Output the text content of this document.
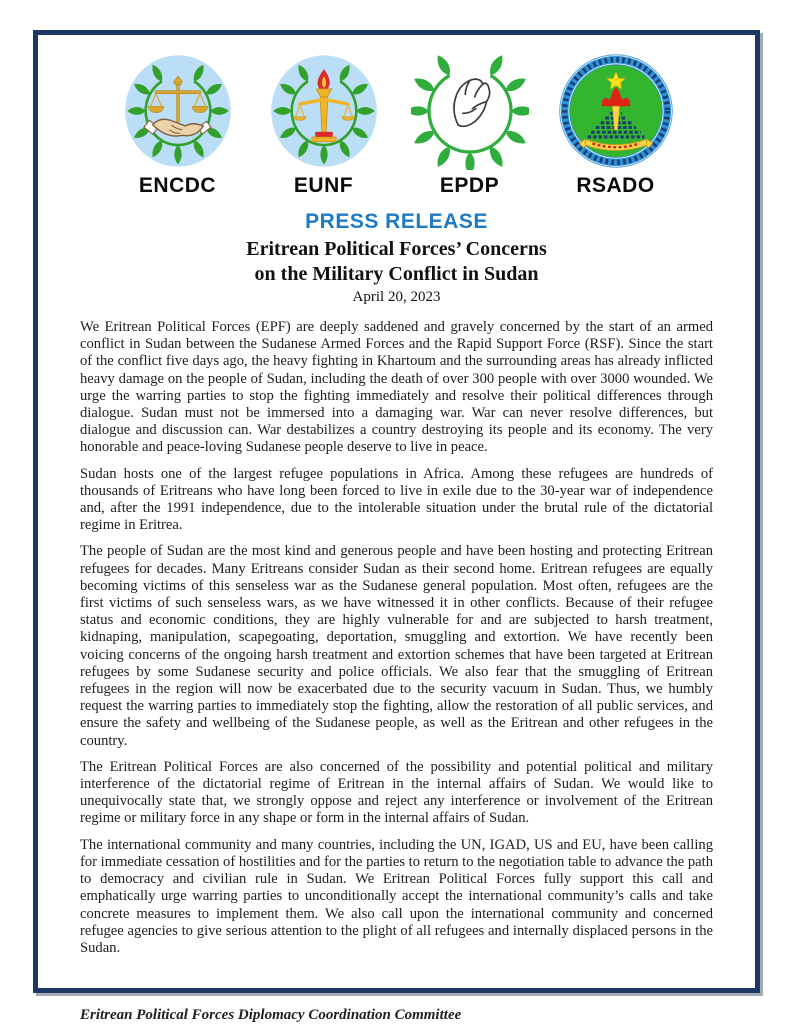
ENCDC	EUNF	EPDP	RSADO
PRESS RELEASE
Eritrean Political Forces’ Concerns
on the Military Conflict in Sudan
April 20, 2023

We Eritrean Political Forces (EPF) are deeply saddened and gravely concerned by the start of an armed conflict in Sudan between the Sudanese Armed Forces and the Rapid Support Force (RSF). Since the start of the conflict five days ago, the heavy fighting in Khartoum and the surrounding areas has already inflicted heavy damage on the people of Sudan, including the death of over 300 people with over 3000 wounded. We urge the warring parties to stop the fighting immediately and resolve their political differences through dialogue. Sudan must not be immersed into a damaging war. War can never resolve differences, but dialogue and discussion can. War destabilizes a country destroying its people and its economy. The very honorable and peace-loving Sudanese people deserve to live in peace.

Sudan hosts one of the largest refugee populations in Africa. Among these refugees are hundreds of thousands of Eritreans who have long been forced to live in exile due to the 30-year war of independence and, after the 1991 independence, due to the intolerable situation under the brutal rule of the dictatorial regime in Eritrea.

The people of Sudan are the most kind and generous people and have been hosting and protecting Eritrean refugees for decades. Many Eritreans consider Sudan as their second home. Eritrean refugees are equally becoming victims of this senseless war as the Sudanese general population. Most often, refugees are the first victims of such senseless wars, as we have witnessed it in other conflicts. Because of their refugee status and economic conditions, they are highly vulnerable for and are subjected to harsh treatment, kidnaping, manipulation, scapegoating, deportation, smuggling and extortion. We have recently been voicing concerns of the ongoing harsh treatment and extortion schemes that have been targeted at Eritrean refugees by some Sudanese security and police officials. We also fear that the smuggling of Eritrean refugees in the region will now be exacerbated due to the security vacuum in Sudan. Thus, we humbly request the warring parties to immediately stop the fighting, allow the restoration of all public services, and ensure the safety and wellbeing of the Sudanese people, as well as the Eritrean and other refugees in the country.

The Eritrean Political Forces are also concerned of the possibility and potential political and military interference of the dictatorial regime of Eritrean in the internal affairs of Sudan. We would like to unequivocally state that, we strongly oppose and reject any interference or involvement of the Eritrean regime or military force in any shape or form in the internal affairs of Sudan.

The international community and many countries, including the UN, IGAD, US and EU, have been calling for immediate cessation of hostilities and for the parties to return to the negotiation table to advance the path to democracy and civilian rule in Sudan. We Eritrean Political Forces fully support this call and emphatically urge warring parties to unconditionally accept the international community’s calls and take concrete measures to implement them. We also call upon the international community and concerned refugee agencies to give serious attention to the plight of all refugees and internally displaced persons in the Sudan.

Eritrean Political Forces Diplomacy Coordination Committee
